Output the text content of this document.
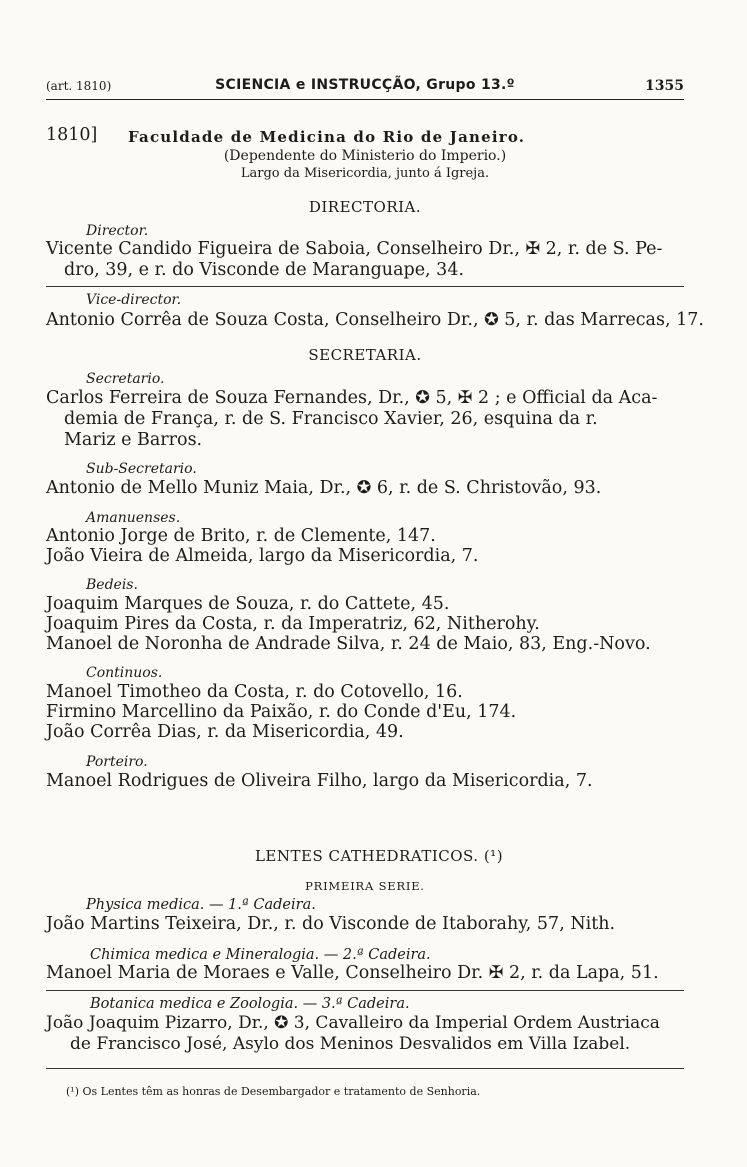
(art. 1810)	SCIENCIA e INSTRUCÇÃO, Grupo 13.º	1355
1810] Faculdade de Medicina do Rio de Janeiro.
(Dependente do Ministerio do Imperio.)
Largo da Misericordia, junto á Igreja.
DIRECTORIA.
Director.
Vicente Candido Figueira de Saboia, Conselheiro Dr., ✠ 2, r. de S. Pe-
dro, 39, e r. do Visconde de Maranguape, 34.
Vice-director.
Antonio Corrêa de Souza Costa, Conselheiro Dr., ✪ 5, r. das Marrecas, 17.
SECRETARIA.
Secretario.
Carlos Ferreira de Souza Fernandes, Dr., ✪ 5, ✠ 2 ; e Official da Aca-
demia de França, r. de S. Francisco Xavier, 26, esquina da r.
Mariz e Barros.
Sub-Secretario.
Antonio de Mello Muniz Maia, Dr., ✪ 6, r. de S. Christovão, 93.
Amanuenses.
Antonio Jorge de Brito, r. de Clemente, 147.
João Vieira de Almeida, largo da Misericordia, 7.
Bedeis.
Joaquim Marques de Souza, r. do Cattete, 45.
Joaquim Pires da Costa, r. da Imperatriz, 62, Nitherohy.
Manoel de Noronha de Andrade Silva, r. 24 de Maio, 83, Eng.-Novo.
Continuos.
Manoel Timotheo da Costa, r. do Cotovello, 16.
Firmino Marcellino da Paixão, r. do Conde d'Eu, 174.
João Corrêa Dias, r. da Misericordia, 49.
Porteiro.
Manoel Rodrigues de Oliveira Filho, largo da Misericordia, 7.
LENTES CATHEDRATICOS. (¹)
PRIMEIRA SERIE.
Physica medica. — 1.ª Cadeira.
João Martins Teixeira, Dr., r. do Visconde de Itaborahy, 57, Nith.
Chimica medica e Mineralogia. — 2.ª Cadeira.
Manoel Maria de Moraes e Valle, Conselheiro Dr. ✠ 2, r. da Lapa, 51.
Botanica medica e Zoologia. — 3.ª Cadeira.
João Joaquim Pizarro, Dr., ✪ 3, Cavalleiro da Imperial Ordem Austriaca
de Francisco José, Asylo dos Meninos Desvalidos em Villa Izabel.
(¹) Os Lentes têm as honras de Desembargador e tratamento de Senhoria.
